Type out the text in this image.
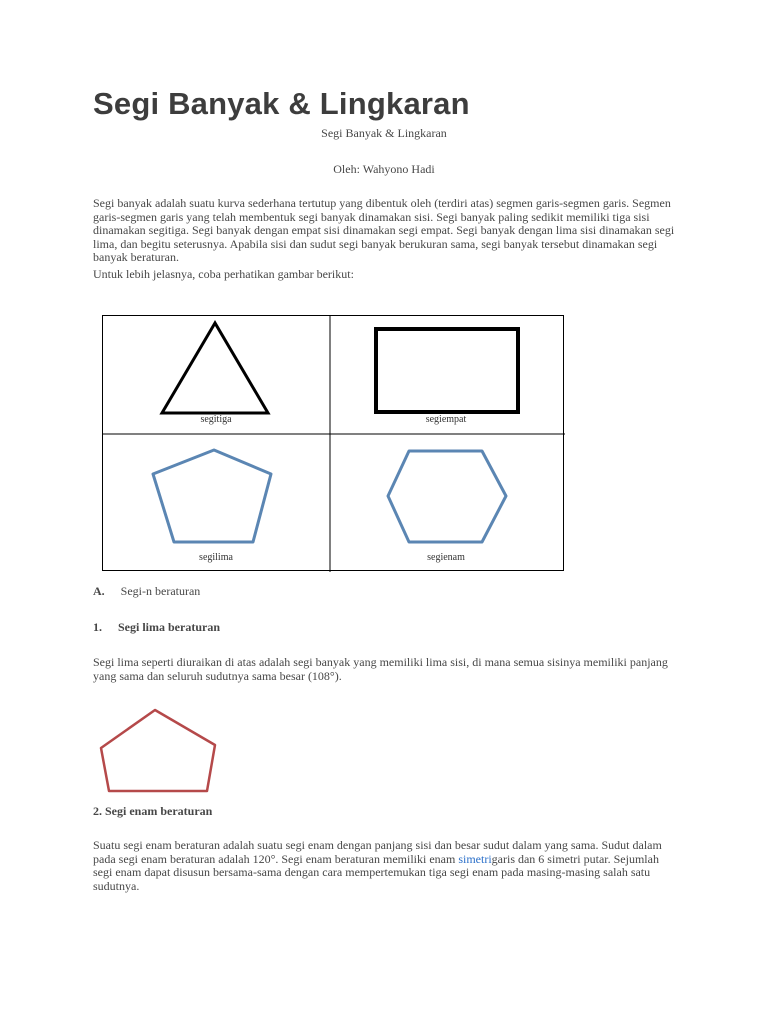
Segi Banyak & Lingkaran

Segi Banyak & Lingkaran

Oleh: Wahyono Hadi

Segi banyak adalah suatu kurva sederhana tertutup yang dibentuk oleh (terdiri atas) segmen garis-segmen garis. Segmen garis-segmen garis yang telah membentuk segi banyak dinamakan sisi. Segi banyak paling sedikit memiliki tiga sisi dinamakan segitiga. Segi banyak dengan empat sisi dinamakan segi empat. Segi banyak dengan lima sisi dinamakan segi lima, dan begitu seterusnya. Apabila sisi dan sudut segi banyak berukuran sama, segi banyak tersebut dinamakan segi banyak beraturan.

Untuk lebih jelasnya, coba perhatikan gambar berikut:

segitiga	segiempat
segilima	segienam

A. Segi-n beraturan

1. Segi lima beraturan

Segi lima seperti diuraikan di atas adalah segi banyak yang memiliki lima sisi, di mana semua sisinya memiliki panjang yang sama dan seluruh sudutnya sama besar (108°).

2. Segi enam beraturan

Suatu segi enam beraturan adalah suatu segi enam dengan panjang sisi dan besar sudut dalam yang sama. Sudut dalam pada segi enam beraturan adalah 120°. Segi enam beraturan memiliki enam simetrigaris dan 6 simetri putar. Sejumlah segi enam dapat disusun bersama-sama dengan cara mempertemukan tiga segi enam pada masing-masing salah satu sudutnya.
